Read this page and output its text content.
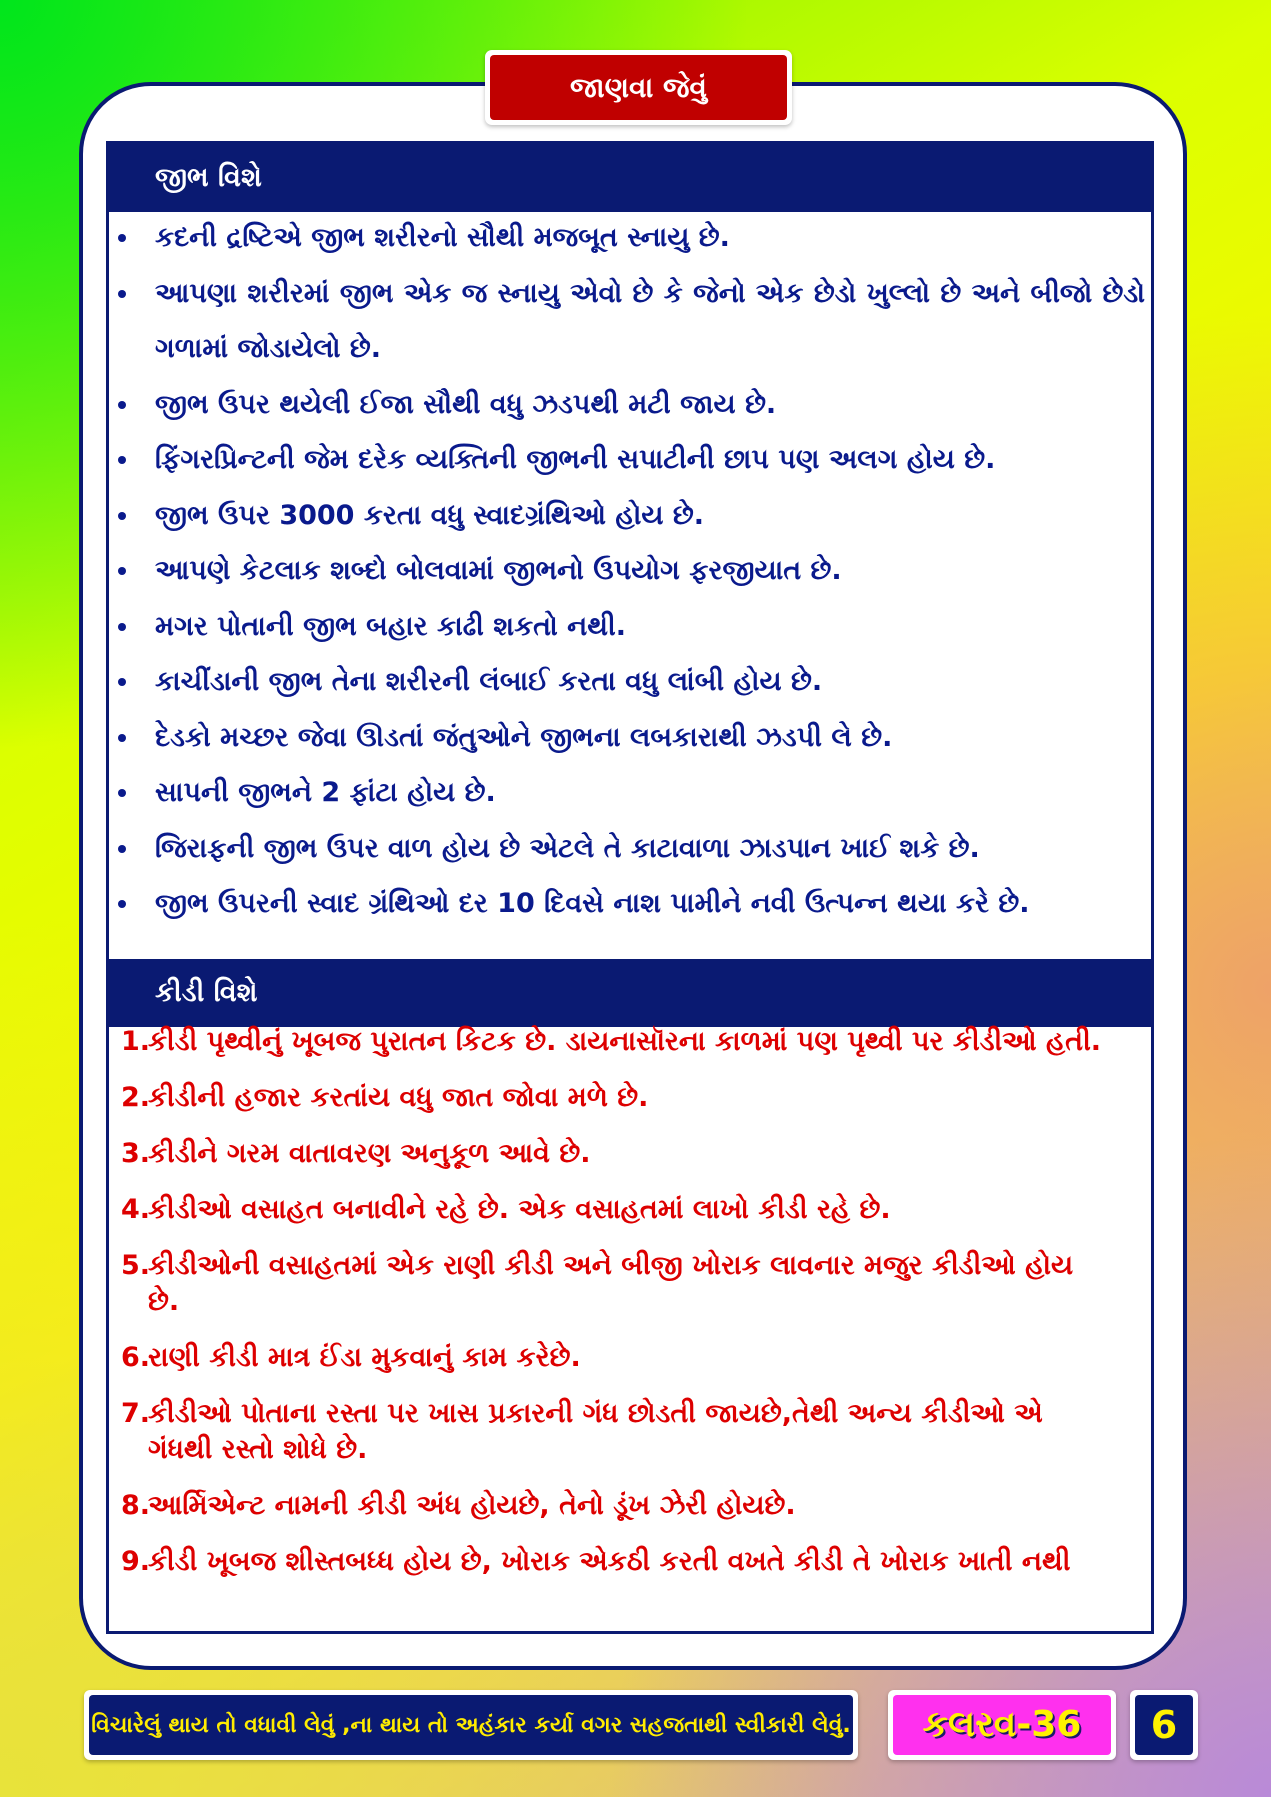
જાણવા જેવું
જીભ વિશે
કદની દ્રષ્ટિએ જીભ શરીરનો સૌથી મજબૂત સ્નાયુ છે.
આપણા શરીરમાં જીભ એક જ સ્નાયુ એવો છે કે જેનો એક છેડો ખુલ્લો છે અને બીજો છેડો ગળામાં જોડાયેલો છે.
જીભ ઉપર થયેલી ઈજા સૌથી વધુ ઝડપથી મટી જાય છે.
ફિંગરપ્રિન્ટની જેમ દરેક વ્યક્તિની જીભની સપાટીની છાપ પણ અલગ હોય છે.
જીભ ઉપર 3000 કરતા વધુ સ્વાદગ્રંથિઓ હોય છે.
આપણે કેટલાક શબ્દો બોલવામાં જીભનો ઉપયોગ ફરજીયાત છે.
મગર પોતાની જીભ બહાર કાઢી શકતો નથી.
કાચીંડાની જીભ તેના શરીરની લંબાઈ કરતા વધુ લાંબી હોય છે.
દેડકો મચ્છર જેવા ઊડતાં જંતુઓને જીભના લબકારાથી ઝડપી લે છે.
સાપની જીભને 2 ફાંટા હોય છે.
જિરાફની જીભ ઉપર વાળ હોય છે એટલે તે કાટાવાળા ઝાડપાન ખાઈ શકે છે.
જીભ ઉપરની સ્વાદ ગ્રંથિઓ દર 10 દિવસે નાશ પામીને નવી ઉત્પન્ન થયા કરે છે.
કીડી વિશે
1.
કીડી પૃથ્વીનું ખૂબજ પુરાતન કિટક છે. ડાયનાસૉરના કાળમાં પણ પૃથ્વી પર કીડીઓ હતી.
2.
કીડીની હજાર કરતાંય વધુ જાત જોવા મળે છે.
3.
કીડીને ગરમ વાતાવરણ અનુકૂળ આવે છે.
4.
કીડીઓ વસાહત બનાવીને રહે છે. એક વસાહતમાં લાખો કીડી રહે છે.
5.
કીડીઓની વસાહતમાં એક રાણી કીડી અને બીજી ખોરાક લાવનાર મજુર કીડીઓ હોય છે.
6.
રાણી કીડી માત્ર ઈંડા મુકવાનું કામ કરેછે.
7.
કીડીઓ પોતાના રસ્તા પર ખાસ પ્રકારની ગંધ છોડતી જાયછે,તેથી અન્ય કીડીઓ એ ગંધથી રસ્તો શોધે છે.
8.
આર્મિએન્ટ નામની કીડી અંધ હોયછે, તેનો ડૂંખ ઝેરી હોયછે.
9.
કીડી ખૂબજ શીસ્તબધ્ધ હોય છે, ખોરાક એકઠી કરતી વખતે કીડી તે ખોરાક ખાતી નથી
વિચારેલું થાય તો વધાવી લેવું ,ના થાય તો અહંકાર કર્યા વગર સહજતાથી સ્વીકારી લેવું.	કલરવ-36	6
